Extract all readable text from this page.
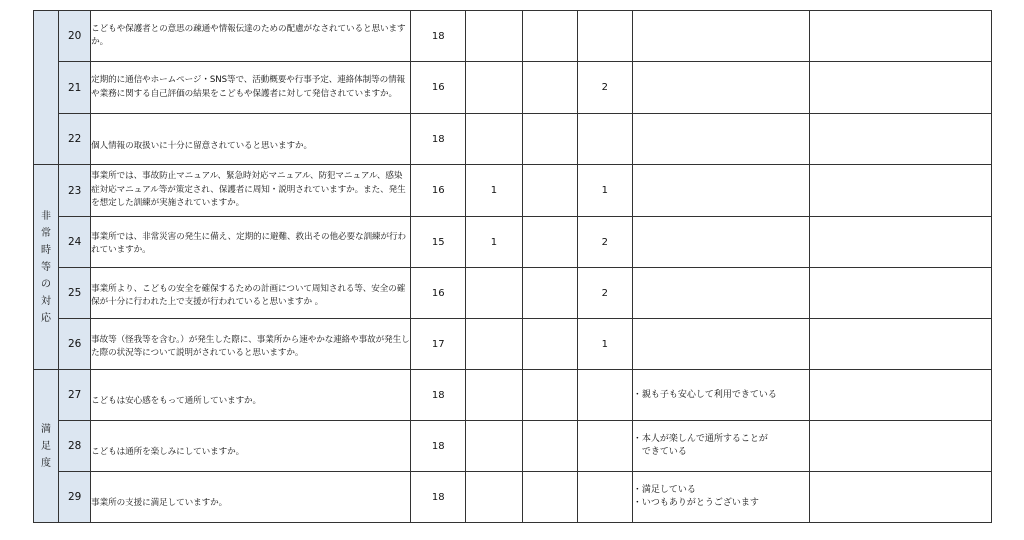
	20	こどもや保護者との意思の疎通や情報伝達のための配慮がなされていると思いますか。	18					
	21	定期的に通信やホームページ・SNS等で、活動概要や行事予定、連絡体制等の情報や業務に関する自己評価の結果をこどもや保護者に対して発信されていますか。	16			2		
	22	個人情報の取扱いに十分に留意されていると思いますか。	18					
非常時等の対応	23	事業所では、事故防止マニュアル、緊急時対応マニュアル、防犯マニュアル、感染症対応マニュアル等が策定され、保護者に周知・説明されていますか。また、発生を想定した訓練が実施されていますか。	16	1		1		
	24	事業所では、非常災害の発生に備え、定期的に避難、救出その他必要な訓練が行われていますか。	15	1		2		
	25	事業所より、こどもの安全を確保するための計画について周知される等、安全の確保が十分に行われた上で支援が行われていると思いますか 。	16			2		
	26	事故等（怪我等を含む。）が発生した際に、事業所から速やかな連絡や事故が発生した際の状況等について説明がされていると思いますか。	17			1		
満足度	27	こどもは安心感をもって通所していますか。	18				・親も子も安心して利用できている	

	28	こどもは通所を楽しみにしていますか。	18				・本人が楽しんで通所することが
　できている	

	29	事業所の支援に満足していますか。	18				・満足している
・いつもありがとうございます	
